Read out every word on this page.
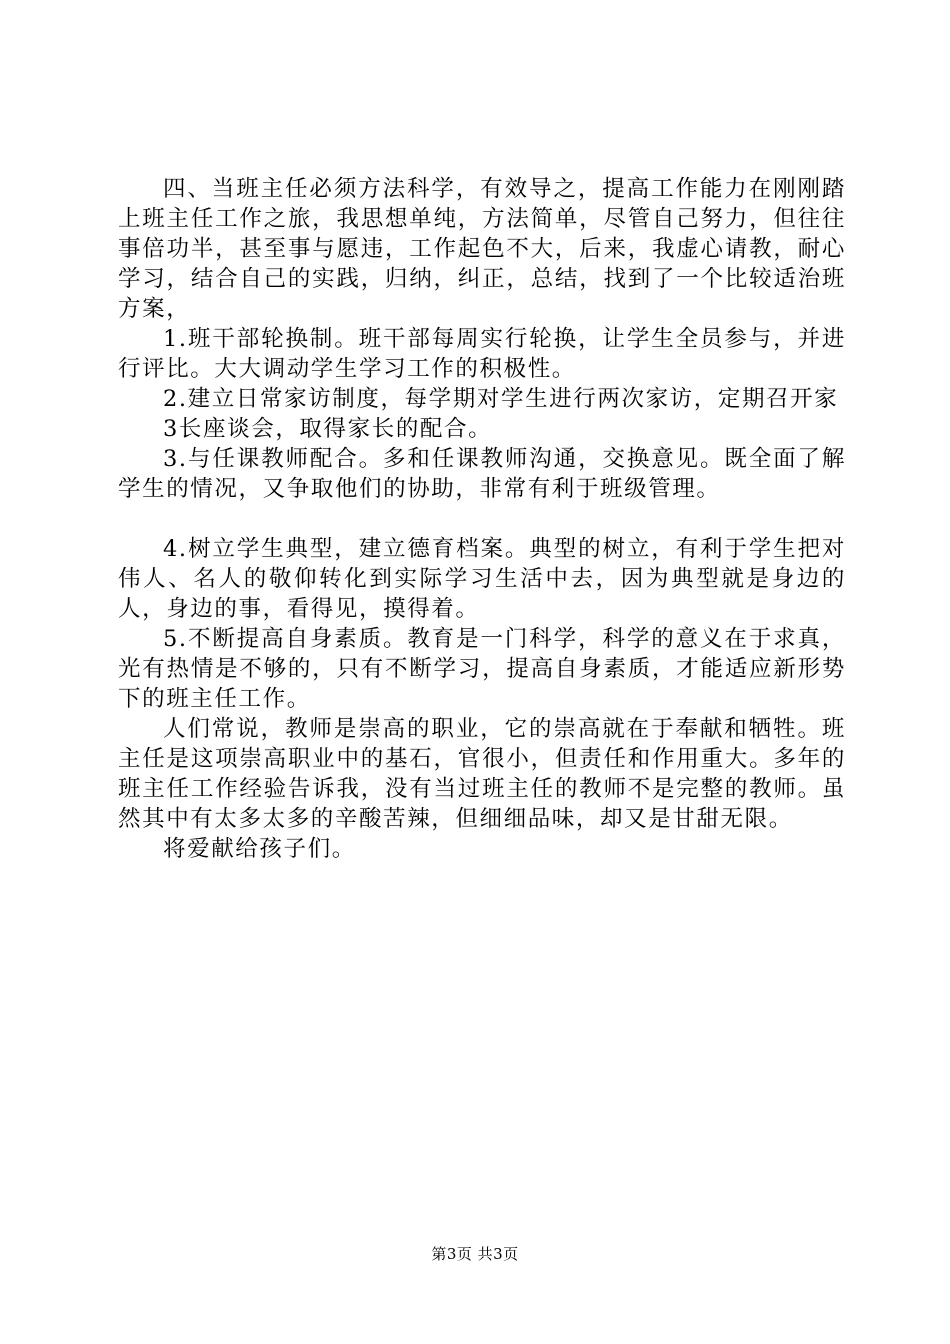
四、当班主任必须方法科学，有效导之，提高工作能力在刚刚踏上班主任工作之旅，我思想单纯，方法简单，尽管自己努力，但往往事倍功半，甚至事与愿违，工作起色不大，后来，我虚心请教，耐心学习，结合自己的实践，归纳，纠正，总结，找到了一个比较适治班方案，

1.班干部轮换制。班干部每周实行轮换，让学生全员参与，并进行评比。大大调动学生学习工作的积极性。

2.建立日常家访制度，每学期对学生进行两次家访，定期召开家

3长座谈会，取得家长的配合。

3.与任课教师配合。多和任课教师沟通，交换意见。既全面了解学生的情况，又争取他们的协助，非常有利于班级管理。

4.树立学生典型，建立德育档案。典型的树立，有利于学生把对伟人、名人的敬仰转化到实际学习生活中去，因为典型就是身边的人，身边的事，看得见，摸得着。

5.不断提高自身素质。教育是一门科学，科学的意义在于求真，光有热情是不够的，只有不断学习，提高自身素质，才能适应新形势下的班主任工作。

人们常说，教师是崇高的职业，它的崇高就在于奉献和牺牲。班主任是这项崇高职业中的基石，官很小，但责任和作用重大。多年的班主任工作经验告诉我，没有当过班主任的教师不是完整的教师。虽然其中有太多太多的辛酸苦辣，但细细品味，却又是甘甜无限。

将爱献给孩子们。

第3页 共3页
